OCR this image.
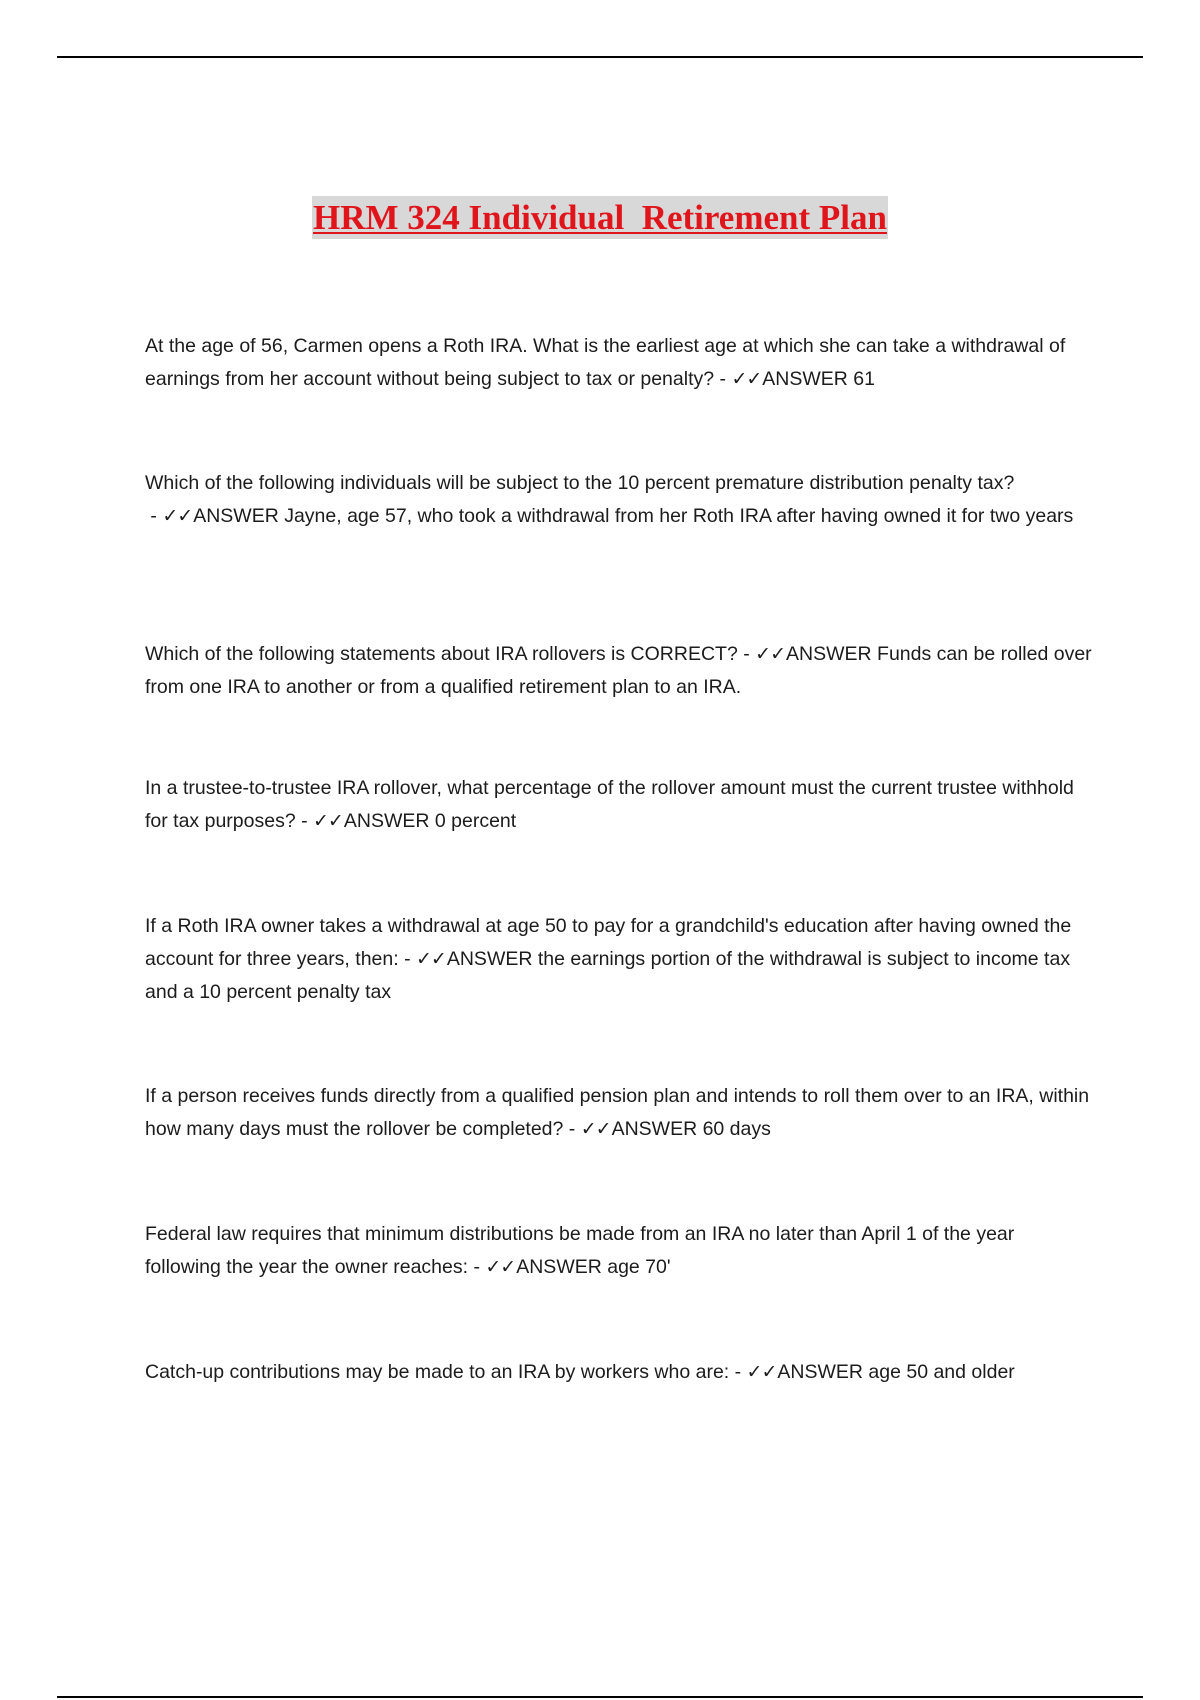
HRM 324 Individual  Retirement Plan

At the age of 56, Carmen opens a Roth IRA. What is the earliest age at which she can take a withdrawal of earnings from her account without being subject to tax or penalty? - ✓✓ANSWER 61

Which of the following individuals will be subject to the 10 percent premature distribution penalty tax? - ✓✓ANSWER Jayne, age 57, who took a withdrawal from her Roth IRA after having owned it for two years

Which of the following statements about IRA rollovers is CORRECT? - ✓✓ANSWER Funds can be rolled over from one IRA to another or from a qualified retirement plan to an IRA.

In a trustee-to-trustee IRA rollover, what percentage of the rollover amount must the current trustee withhold for tax purposes? - ✓✓ANSWER 0 percent

If a Roth IRA owner takes a withdrawal at age 50 to pay for a grandchild's education after having owned the account for three years, then: - ✓✓ANSWER the earnings portion of the withdrawal is subject to income tax and a 10 percent penalty tax

If a person receives funds directly from a qualified pension plan and intends to roll them over to an IRA, within how many days must the rollover be completed? - ✓✓ANSWER 60 days

Federal law requires that minimum distributions be made from an IRA no later than April 1 of the year following the year the owner reaches: - ✓✓ANSWER age 70'

Catch-up contributions may be made to an IRA by workers who are: - ✓✓ANSWER age 50 and older
